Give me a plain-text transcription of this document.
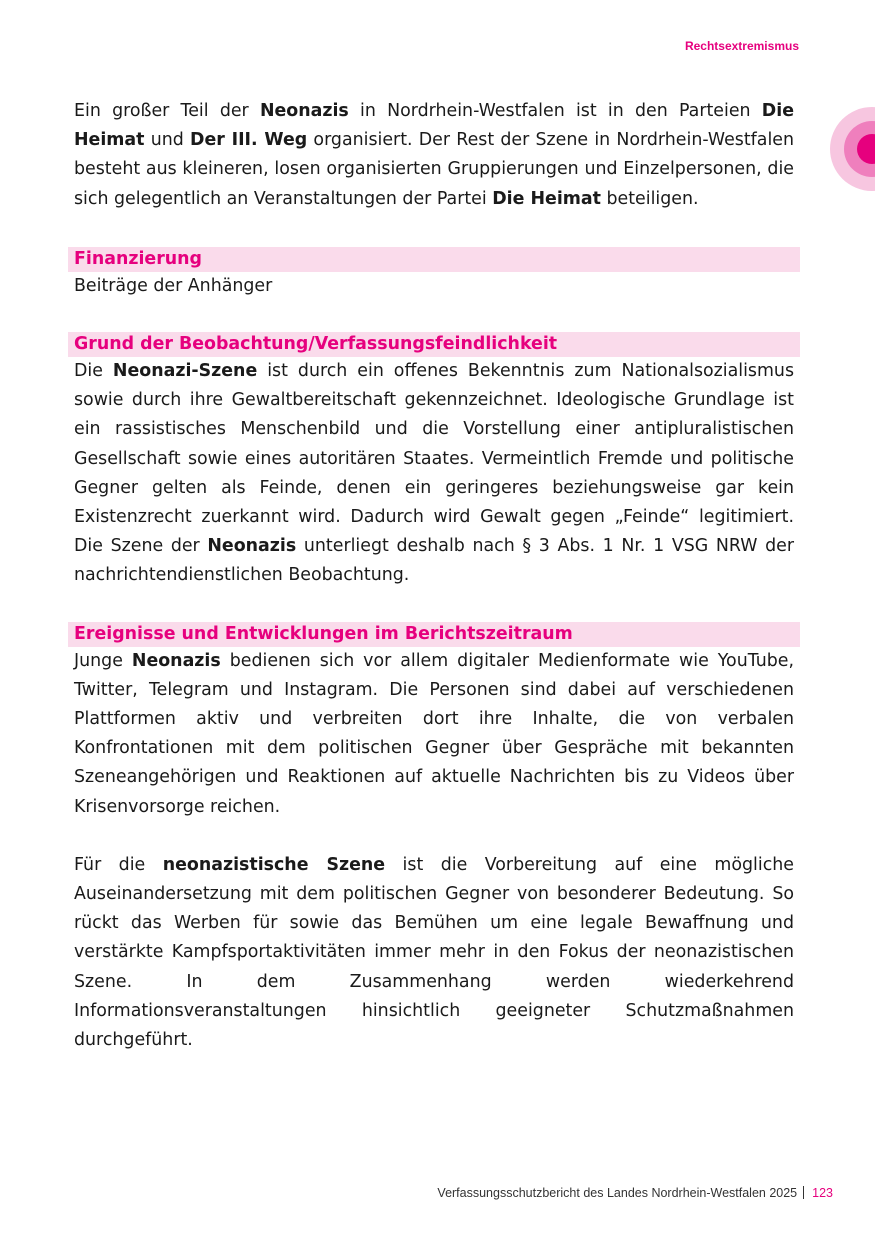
Rechtsextremismus

Ein großer Teil der Neonazis in Nordrhein-Westfalen ist in den Parteien Die Heimat und Der III. Weg organisiert. Der Rest der Szene in Nordrhein-Westfalen besteht aus kleineren, losen organisierten Gruppierungen und Einzelpersonen, die sich gelegentlich an Veranstaltungen der Partei Die Heimat beteiligen.

Finanzierung

Beiträge der Anhänger

Grund der Beobachtung/Verfassungsfeindlichkeit

Die Neonazi-Szene ist durch ein offenes Bekenntnis zum Nationalsozialismus sowie durch ihre Gewaltbereitschaft gekennzeichnet. Ideologische Grundlage ist ein rassistisches Menschenbild und die Vorstellung einer antipluralistischen Gesellschaft sowie eines autoritären Staates. Vermeintlich Fremde und politische Gegner gelten als Feinde, denen ein geringeres beziehungsweise gar kein Existenzrecht zuerkannt wird. Dadurch wird Gewalt gegen „Feinde“ legitimiert. Die Szene der Neonazis unterliegt deshalb nach § 3 Abs. 1 Nr. 1 VSG NRW der nachrichtendienstlichen Beobachtung.

Ereignisse und Entwicklungen im Berichtszeitraum

Junge Neonazis bedienen sich vor allem digitaler Medienformate wie YouTube, Twitter, Telegram und Instagram. Die Personen sind dabei auf verschiedenen Plattformen aktiv und verbreiten dort ihre Inhalte, die von verbalen Konfrontationen mit dem politischen Gegner über Gespräche mit bekannten Szeneangehörigen und Reaktionen auf aktuelle Nachrichten bis zu Videos über Krisenvorsorge reichen.

Für die neonazistische Szene ist die Vorbereitung auf eine mögliche Auseinandersetzung mit dem politischen Gegner von besonderer Bedeutung. So rückt das Werben für sowie das Bemühen um eine legale Bewaffnung und verstärkte Kampfsportaktivitäten immer mehr in den Fokus der neonazistischen Szene. In dem Zusammenhang werden wiederkehrend Informationsveranstaltungen hinsichtlich geeigneter Schutzmaßnahmen durchgeführt.

Verfassungsschutzbericht des Landes Nordrhein-Westfalen 2025 123
